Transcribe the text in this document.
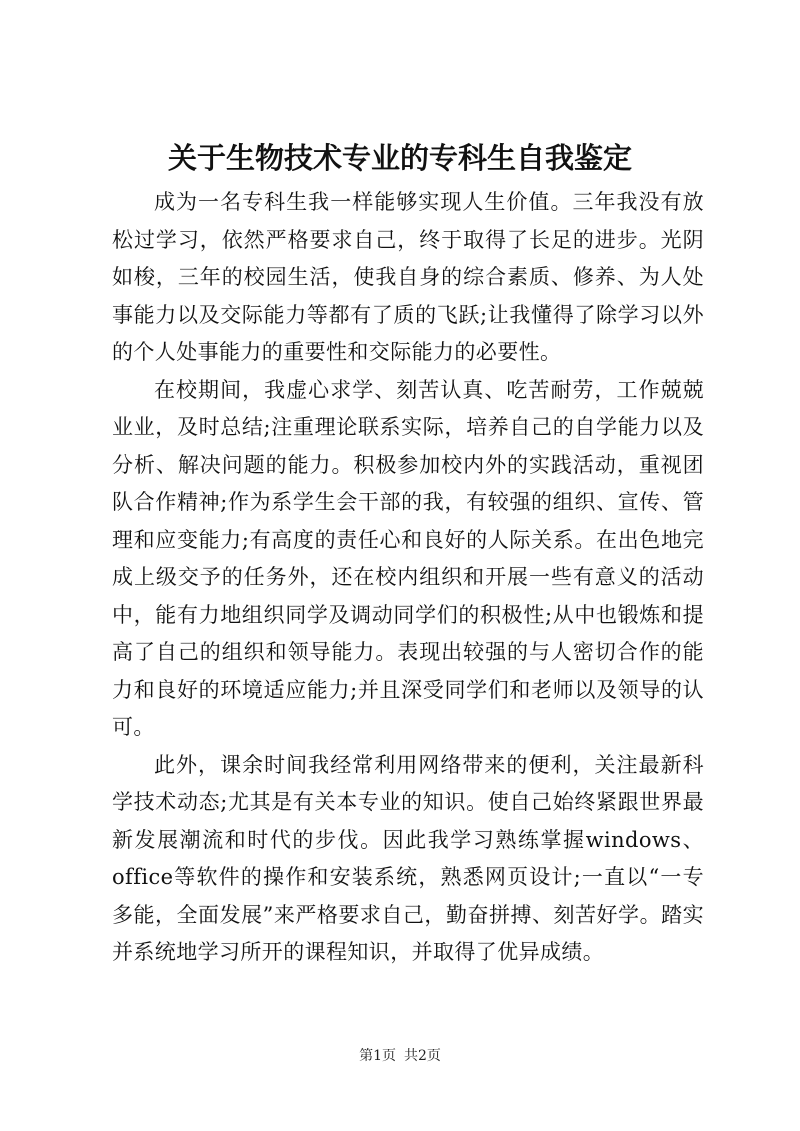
关于生物技术专业的专科生自我鉴定

成为一名专科生我一样能够实现人生价值。三年我没有放松过学习，依然严格要求自己，终于取得了长足的进步。光阴如梭，三年的校园生活，使我自身的综合素质、修养、为人处事能力以及交际能力等都有了质的飞跃;让我懂得了除学习以外的个人处事能力的重要性和交际能力的必要性。

在校期间，我虚心求学、刻苦认真、吃苦耐劳，工作兢兢业业，及时总结;注重理论联系实际，培养自己的自学能力以及分析、解决问题的能力。积极参加校内外的实践活动，重视团队合作精神;作为系学生会干部的我，有较强的组织、宣传、管理和应变能力;有高度的责任心和良好的人际关系。在出色地完成上级交予的任务外，还在校内组织和开展一些有意义的活动中，能有力地组织同学及调动同学们的积极性;从中也锻炼和提高了自己的组织和领导能力。表现出较强的与人密切合作的能力和良好的环境适应能力;并且深受同学们和老师以及领导的认可。

此外，课余时间我经常利用网络带来的便利，关注最新科学技术动态;尤其是有关本专业的知识。使自己始终紧跟世界最新发展潮流和时代的步伐。因此我学习熟练掌握windows、office等软件的操作和安装系统，熟悉网页设计;一直以“一专多能，全面发展”来严格要求自己，勤奋拼搏、刻苦好学。踏实并系统地学习所开的课程知识，并取得了优异成绩。

第1页 共2页
